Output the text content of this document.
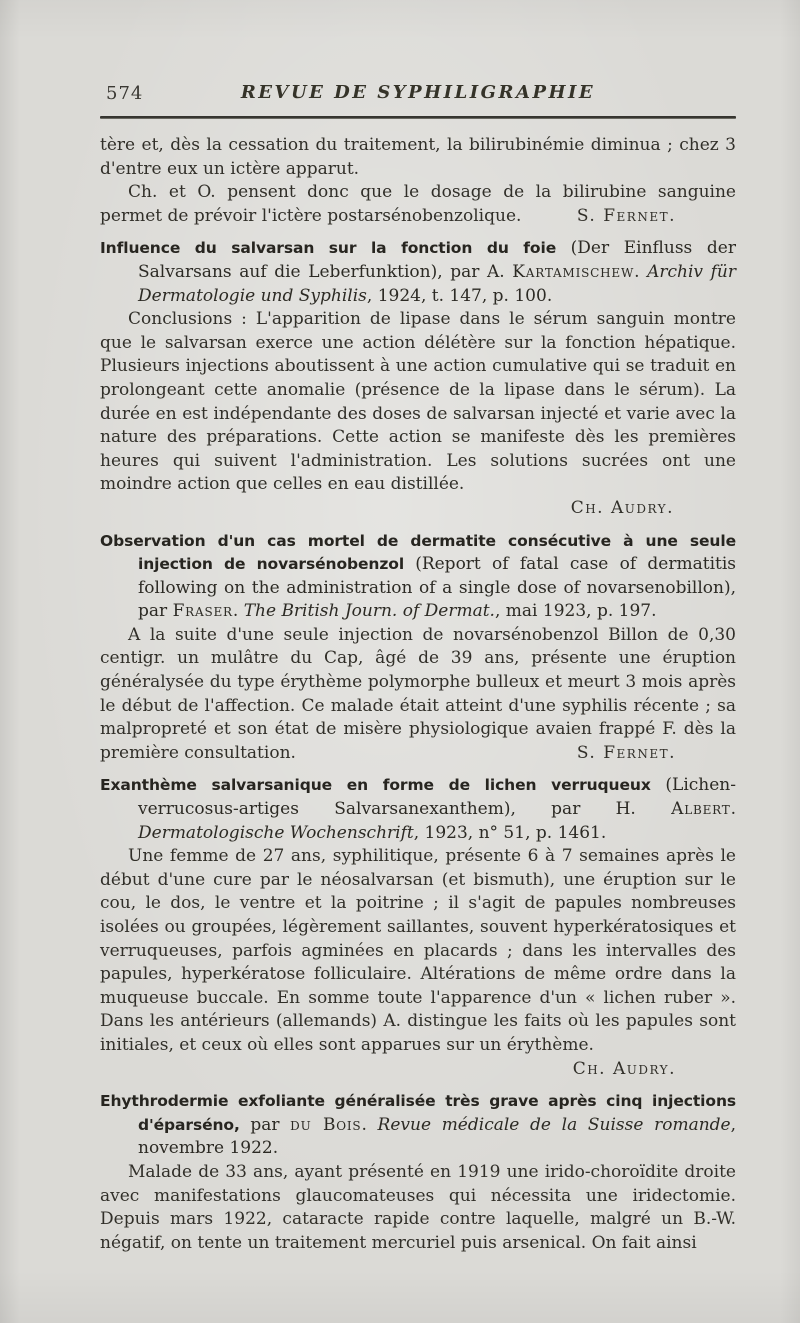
574	REVUE DE SYPHILIGRAPHIE

tère et, dès la cessation du traitement, la bilirubinémie diminua ; chez 3 d'entre eux un ictère apparut.

Ch. et O. pensent donc que le dosage de la bilirubine sanguine permet de prévoir l'ictère postarsénobenzolique.	S. Fernet.

Influence du salvarsan sur la fonction du foie (Der Einfluss der Salvarsans auf die Leberfunktion), par A. Kartamischew. Archiv für Dermatologie und Syphilis, 1924, t. 147, p. 100.

Conclusions : L'apparition de lipase dans le sérum sanguin montre que le salvarsan exerce une action délétère sur la fonction hépatique. Plusieurs injections aboutissent à une action cumulative qui se traduit en prolongeant cette anomalie (présence de la lipase dans le sérum). La durée en est indépendante des doses de salvarsan injecté et varie avec la nature des préparations. Cette action se manifeste dès les premières heures qui suivent l'administration. Les solutions sucrées ont une moindre action que celles en eau distillée.

Ch. Audry.
Observation d'un cas mortel de dermatite consécutive à une seule injection de novarsénobenzol (Report of fatal case of dermatitis following on the administration of a single dose of novarsenobillon), par Fraser. The British Journ. of Dermat., mai 1923, p. 197.

A la suite d'une seule injection de novarsénobenzol Billon de 0,30 centigr. un mulâtre du Cap, âgé de 39 ans, présente une éruption généralysée du type érythème polymorphe bulleux et meurt 3 mois après le début de l'affection. Ce malade était atteint d'une syphilis récente ; sa malpropreté et son état de misère physiologique avaien frappé F. dès la première consultation.	S. Fernet.

Exanthème salvarsanique en forme de lichen verruqueux (Lichen-verrucosus-artiges Salvarsanexanthem), par H. Albert. Dermatologische Wochenschrift, 1923, n° 51, p. 1461.

Une femme de 27 ans, syphilitique, présente 6 à 7 semaines après le début d'une cure par le néosalvarsan (et bismuth), une éruption sur le cou, le dos, le ventre et la poitrine ; il s'agit de papules nombreuses isolées ou groupées, légèrement saillantes, souvent hyperkératosiques et verruqueuses, parfois agminées en placards ; dans les intervalles des papules, hyperkératose folliculaire. Altérations de même ordre dans la muqueuse buccale. En somme toute l'apparence d'un « lichen ruber ». Dans les antérieurs (allemands) A. distingue les faits où les papules sont initiales, et ceux où elles sont apparues sur un érythème.
Ch. Audry.

Ehythrodermie exfoliante généralisée très grave après cinq injections d'éparséno, par du Bois. Revue médicale de la Suisse romande, novembre 1922.

Malade de 33 ans, ayant présenté en 1919 une irido-choroïdite droite avec manifestations glaucomateuses qui nécessita une iridectomie. Depuis mars 1922, cataracte rapide contre laquelle, malgré un B.-W. négatif, on tente un traitement mercuriel puis arsenical. On fait ainsi
